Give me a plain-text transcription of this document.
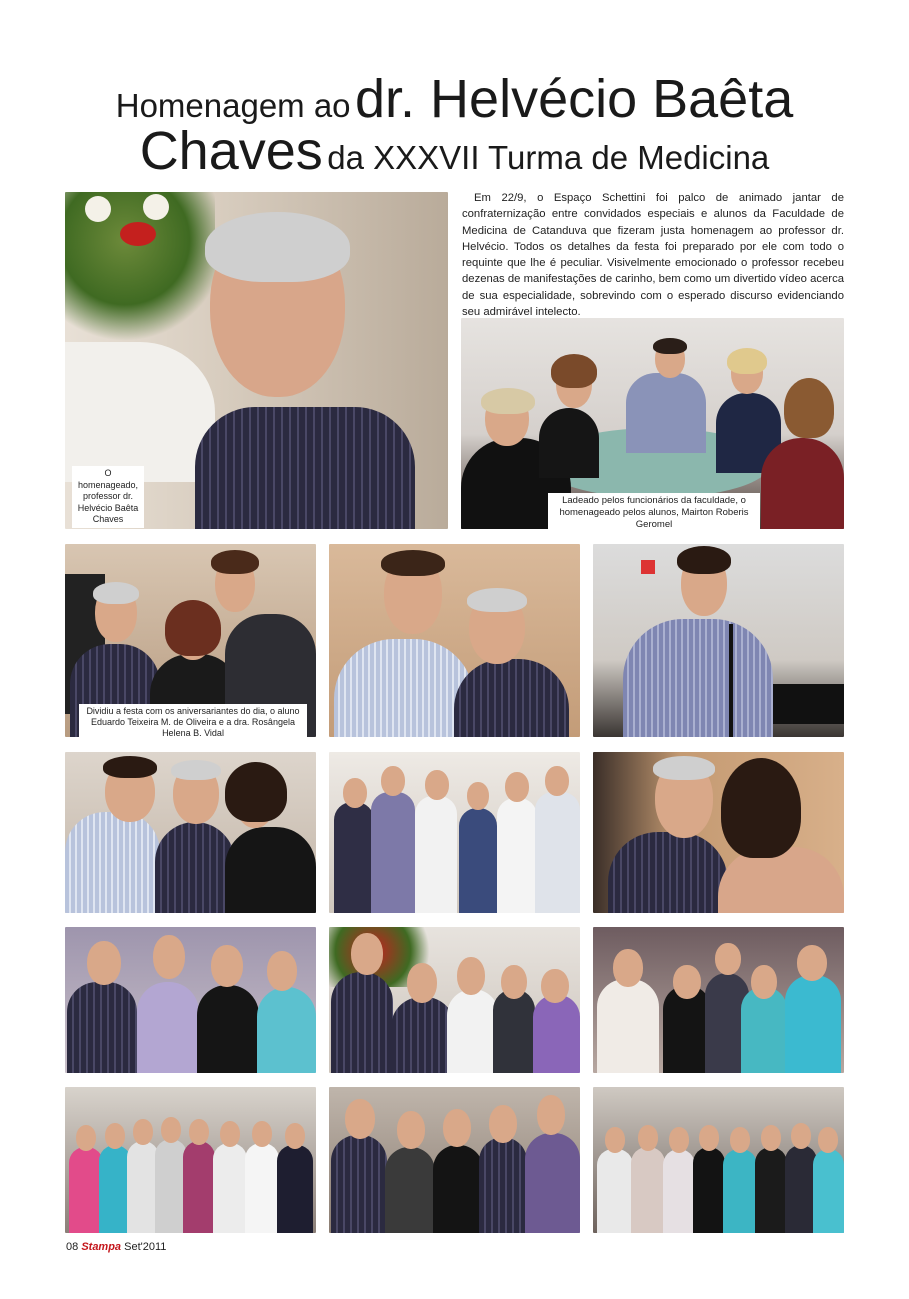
Homenagem ao dr. Helvécio Baêta
Chaves da XXXVII Turma de Medicina

Em 22/9, o Espaço Schettini foi palco de animado jantar de confraternização entre convidados especiais e alunos da Faculdade de Medicina de Catanduva que fizeram justa homenagem ao professor dr. Helvécio. Todos os detalhes da festa foi preparado por ele com todo o requinte que lhe é peculiar. Visivelmente emocionado o professor recebeu dezenas de manifestações de carinho, bem como um divertido vídeo acerca de sua especialidade, sobrevindo com o esperado discurso evidenciando seu admirável intelecto.

O homenageado, professor dr. Helvécio Baêta Chaves
Ladeado pelos funcionários da faculdade, o homenageado pelos alunos, Mairton Roberis Geromel
Dividiu a festa com os aniversariantes do dia, o aluno Eduardo Teixeira M. de Oliveira e a dra. Rosângela Helena B. Vidal
08 Stampa Set'2011
